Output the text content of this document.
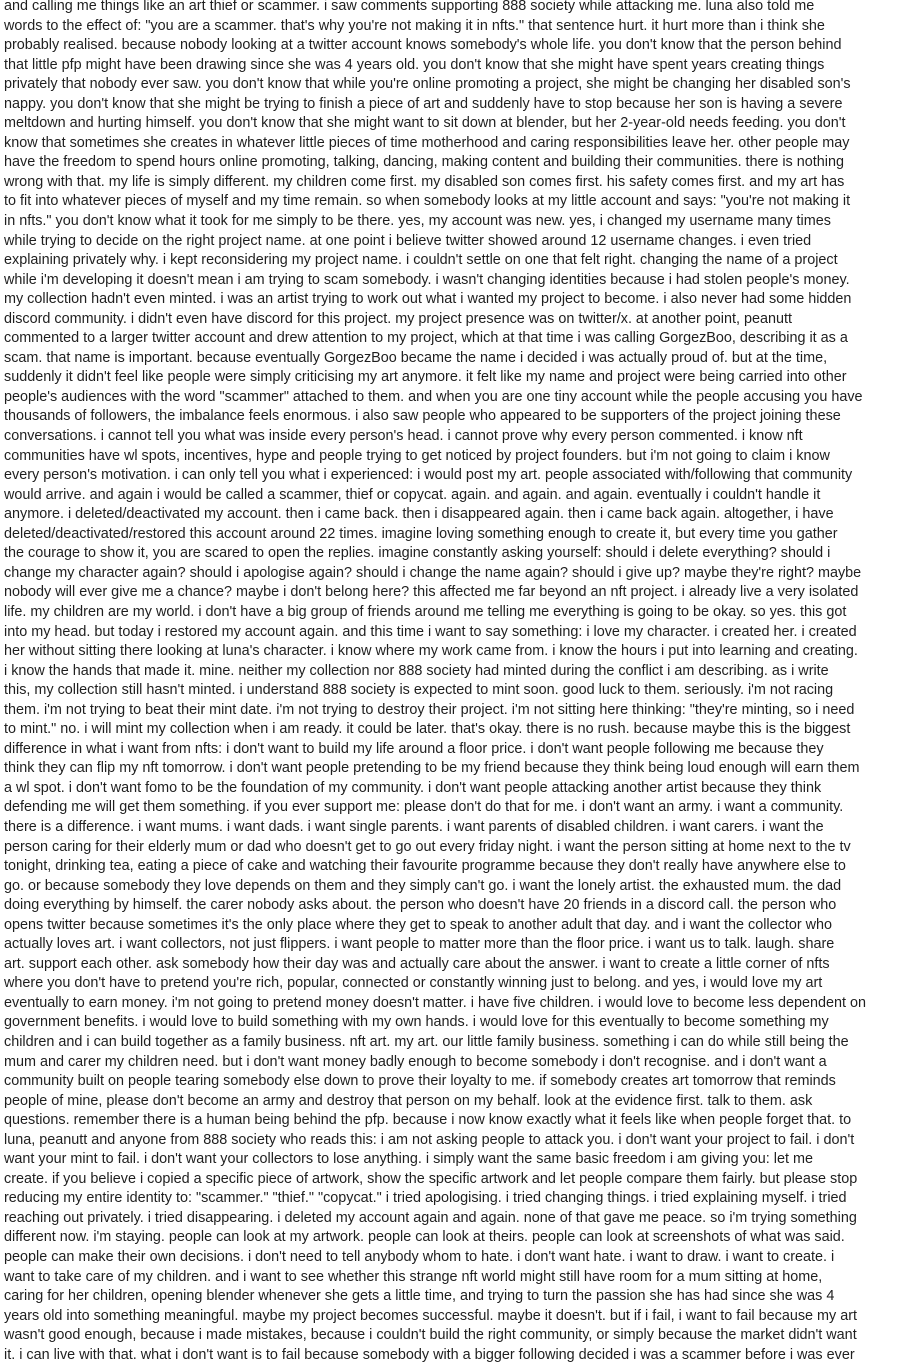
and calling me things like an art thief or scammer. i saw comments supporting 888 society while attacking me. luna also told me
words to the effect of: "you are a scammer. that's why you're not making it in nfts." that sentence hurt. it hurt more than i think she
probably realised. because nobody looking at a twitter account knows somebody's whole life. you don't know that the person behind
that little pfp might have been drawing since she was 4 years old. you don't know that she might have spent years creating things
privately that nobody ever saw. you don't know that while you're online promoting a project, she might be changing her disabled son's
nappy. you don't know that she might be trying to finish a piece of art and suddenly have to stop because her son is having a severe
meltdown and hurting himself. you don't know that she might want to sit down at blender, but her 2-year-old needs feeding. you don't
know that sometimes she creates in whatever little pieces of time motherhood and caring responsibilities leave her. other people may
have the freedom to spend hours online promoting, talking, dancing, making content and building their communities. there is nothing
wrong with that. my life is simply different. my children come first. my disabled son comes first. his safety comes first. and my art has
to fit into whatever pieces of myself and my time remain. so when somebody looks at my little account and says: "you're not making it
in nfts." you don't know what it took for me simply to be there. yes, my account was new. yes, i changed my username many times
while trying to decide on the right project name. at one point i believe twitter showed around 12 username changes. i even tried
explaining privately why. i kept reconsidering my project name. i couldn't settle on one that felt right. changing the name of a project
while i'm developing it doesn't mean i am trying to scam somebody. i wasn't changing identities because i had stolen people's money.
my collection hadn't even minted. i was an artist trying to work out what i wanted my project to become. i also never had some hidden
discord community. i didn't even have discord for this project. my project presence was on twitter/x. at another point, peanutt
commented to a larger twitter account and drew attention to my project, which at that time i was calling GorgezBoo, describing it as a
scam. that name is important. because eventually GorgezBoo became the name i decided i was actually proud of. but at the time,
suddenly it didn't feel like people were simply criticising my art anymore. it felt like my name and project were being carried into other
people's audiences with the word "scammer" attached to them. and when you are one tiny account while the people accusing you have
thousands of followers, the imbalance feels enormous. i also saw people who appeared to be supporters of the project joining these
conversations. i cannot tell you what was inside every person's head. i cannot prove why every person commented. i know nft
communities have wl spots, incentives, hype and people trying to get noticed by project founders. but i'm not going to claim i know
every person's motivation. i can only tell you what i experienced: i would post my art. people associated with/following that community
would arrive. and again i would be called a scammer, thief or copycat. again. and again. and again. eventually i couldn't handle it
anymore. i deleted/deactivated my account. then i came back. then i disappeared again. then i came back again. altogether, i have
deleted/deactivated/restored this account around 22 times. imagine loving something enough to create it, but every time you gather
the courage to show it, you are scared to open the replies. imagine constantly asking yourself: should i delete everything? should i
change my character again? should i apologise again? should i change the name again? should i give up? maybe they're right? maybe
nobody will ever give me a chance? maybe i don't belong here? this affected me far beyond an nft project. i already live a very isolated
life. my children are my world. i don't have a big group of friends around me telling me everything is going to be okay. so yes. this got
into my head. but today i restored my account again. and this time i want to say something: i love my character. i created her. i created
her without sitting there looking at luna's character. i know where my work came from. i know the hours i put into learning and creating.
i know the hands that made it. mine. neither my collection nor 888 society had minted during the conflict i am describing. as i write
this, my collection still hasn't minted. i understand 888 society is expected to mint soon. good luck to them. seriously. i'm not racing
them. i'm not trying to beat their mint date. i'm not trying to destroy their project. i'm not sitting here thinking: "they're minting, so i need
to mint." no. i will mint my collection when i am ready. it could be later. that's okay. there is no rush. because maybe this is the biggest
difference in what i want from nfts: i don't want to build my life around a floor price. i don't want people following me because they
think they can flip my nft tomorrow. i don't want people pretending to be my friend because they think being loud enough will earn them
a wl spot. i don't want fomo to be the foundation of my community. i don't want people attacking another artist because they think
defending me will get them something. if you ever support me: please don't do that for me. i don't want an army. i want a community.
there is a difference. i want mums. i want dads. i want single parents. i want parents of disabled children. i want carers. i want the
person caring for their elderly mum or dad who doesn't get to go out every friday night. i want the person sitting at home next to the tv
tonight, drinking tea, eating a piece of cake and watching their favourite programme because they don't really have anywhere else to
go. or because somebody they love depends on them and they simply can't go. i want the lonely artist. the exhausted mum. the dad
doing everything by himself. the carer nobody asks about. the person who doesn't have 20 friends in a discord call. the person who
opens twitter because sometimes it's the only place where they get to speak to another adult that day. and i want the collector who
actually loves art. i want collectors, not just flippers. i want people to matter more than the floor price. i want us to talk. laugh. share
art. support each other. ask somebody how their day was and actually care about the answer. i want to create a little corner of nfts
where you don't have to pretend you're rich, popular, connected or constantly winning just to belong. and yes, i would love my art
eventually to earn money. i'm not going to pretend money doesn't matter. i have five children. i would love to become less dependent on
government benefits. i would love to build something with my own hands. i would love for this eventually to become something my
children and i can build together as a family business. nft art. my art. our little family business. something i can do while still being the
mum and carer my children need. but i don't want money badly enough to become somebody i don't recognise. and i don't want a
community built on people tearing somebody else down to prove their loyalty to me. if somebody creates art tomorrow that reminds
people of mine, please don't become an army and destroy that person on my behalf. look at the evidence first. talk to them. ask
questions. remember there is a human being behind the pfp. because i now know exactly what it feels like when people forget that. to
luna, peanutt and anyone from 888 society who reads this: i am not asking people to attack you. i don't want your project to fail. i don't
want your mint to fail. i don't want your collectors to lose anything. i simply want the same basic freedom i am giving you: let me
create. if you believe i copied a specific piece of artwork, show the specific artwork and let people compare them fairly. but please stop
reducing my entire identity to: "scammer." "thief." "copycat." i tried apologising. i tried changing things. i tried explaining myself. i tried
reaching out privately. i tried disappearing. i deleted my account again and again. none of that gave me peace. so i'm trying something
different now. i'm staying. people can look at my artwork. people can look at theirs. people can look at screenshots of what was said.
people can make their own decisions. i don't need to tell anybody whom to hate. i don't want hate. i want to draw. i want to create. i
want to take care of my children. and i want to see whether this strange nft world might still have room for a mum sitting at home,
caring for her children, opening blender whenever she gets a little time, and trying to turn the passion she has had since she was 4
years old into something meaningful. maybe my project becomes successful. maybe it doesn't. but if i fail, i want to fail because my art
wasn't good enough, because i made mistakes, because i couldn't build the right community, or simply because the market didn't want
it. i can live with that. what i don't want is to fail because somebody with a bigger following decided i was a scammer before i was ever
